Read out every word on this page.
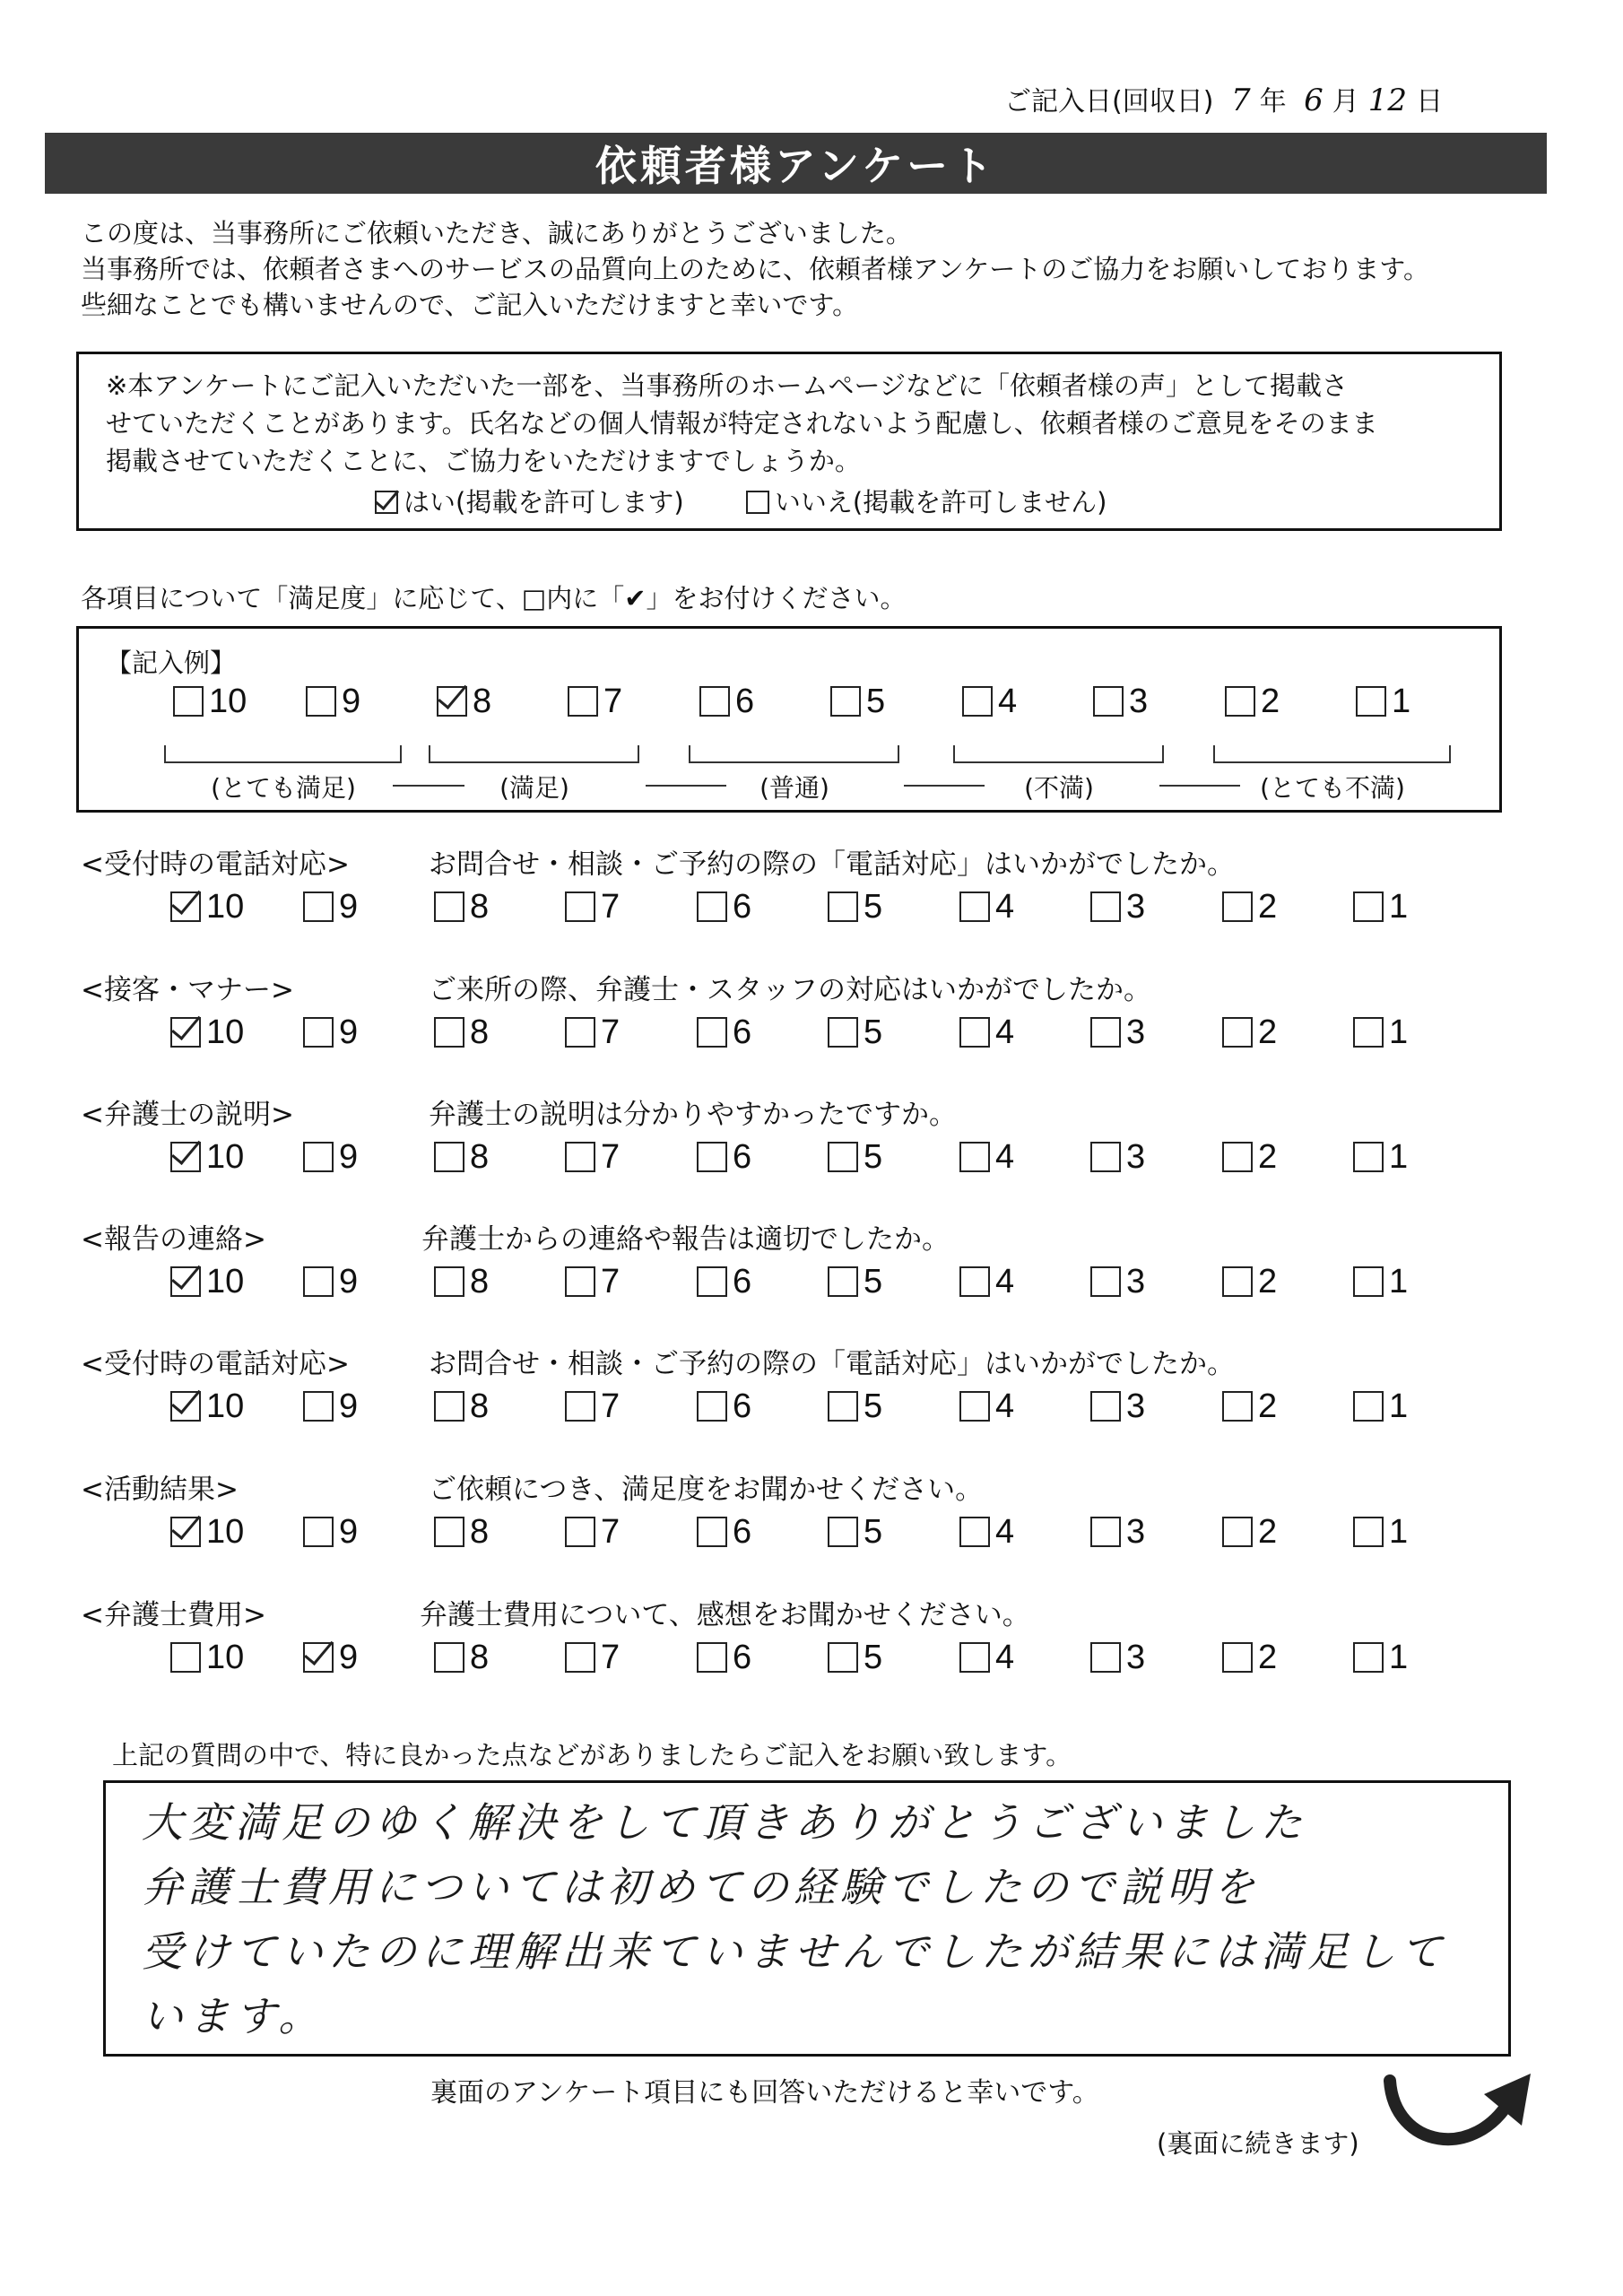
ご記入日(回収日) 7 年 6 月 12 日
依頼者様アンケート
この度は、当事務所にご依頼いただき、誠にありがとうございました。
当事務所では、依頼者さまへのサービスの品質向上のために、依頼者様アンケートのご協力をお願いしております。
些細なことでも構いませんので、ご記入いただけますと幸いです。
※本アンケートにご記入いただいた一部を、当事務所のホームページなどに「依頼者様の声」として掲載さ
せていただくことがあります。氏名などの個人情報が特定されないよう配慮し、依頼者様のご意見をそのまま
掲載させていただくことに、ご協力をいただけますでしょうか。
はい(掲載を許可します)	いいえ(掲載を許可しません)
各項目について「満足度」に応じて、□内に「✔」をお付けください。
【記入例】
10	9	8	7	6	5	4	3	2	1
(とても満足)	(満足)	(普通)	(不満)	(とても不満)
<受付時の電話対応>	お問合せ・相談・ご予約の際の「電話対応」はいかがでしたか。
10	9	8	7	6	5	4	3	2	1
<接客・マナー>	ご来所の際、弁護士・スタッフの対応はいかがでしたか。
10	9	8	7	6	5	4	3	2	1
<弁護士の説明>	弁護士の説明は分かりやすかったですか。
10	9	8	7	6	5	4	3	2	1
<報告の連絡>	弁護士からの連絡や報告は適切でしたか。
10	9	8	7	6	5	4	3	2	1
<受付時の電話対応>	お問合せ・相談・ご予約の際の「電話対応」はいかがでしたか。
10	9	8	7	6	5	4	3	2	1
<活動結果>	ご依頼につき、満足度をお聞かせください。
10	9	8	7	6	5	4	3	2	1
<弁護士費用>	弁護士費用について、感想をお聞かせください。
10	9	8	7	6	5	4	3	2	1
上記の質問の中で、特に良かった点などがありましたらご記入をお願い致します。
大変満足のゆく解決をして頂きありがとうございました
弁護士費用については初めての経験でしたので説明を
受けていたのに理解出来ていませんでしたが結果には満足して
います。
裏面のアンケート項目にも回答いただけると幸いです。
(裏面に続きます)
